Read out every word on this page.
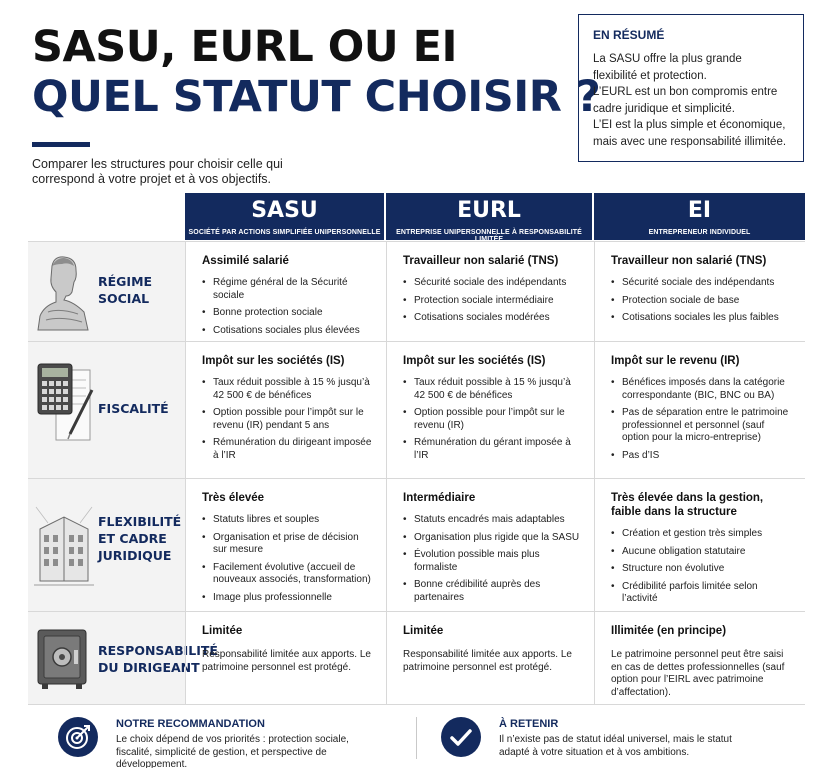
SASU, EURL OU EI
QUEL STATUT CHOISIR ?
Comparer les structures pour choisir celle qui correspond à votre projet et à vos objectifs.
EN RÉSUMÉ

La SASU offre la plus grande flexibilité et protection.

L’EURL est un bon compromis entre cadre juridique et simplicité.

L’EI est la plus simple et économique, mais avec une responsabilité illimitée.

SASU
SOCIÉTÉ PAR ACTIONS SIMPLIFIÉE UNIPERSONNELLE
EURL
ENTREPRISE UNIPERSONNELLE À RESPONSABILITÉ LIMITÉE
EI
ENTREPRENEUR INDIVIDUEL
RÉGIME
SOCIAL
Assimilé salarié
• Régime général de la Sécurité sociale
• Bonne protection sociale
• Cotisations sociales plus élevées
Travailleur non salarié (TNS)
• Sécurité sociale des indépendants
• Protection sociale intermédiaire
• Cotisations sociales modérées
Travailleur non salarié (TNS)
• Sécurité sociale des indépendants
• Protection sociale de base
• Cotisations sociales les plus faibles
FISCALITÉ
Impôt sur les sociétés (IS)
• Taux réduit possible à 15 % jusqu’à 42 500 € de bénéfices
• Option possible pour l’impôt sur le revenu (IR) pendant 5 ans
• Rémunération du dirigeant imposée à l’IR
Impôt sur les sociétés (IS)
• Taux réduit possible à 15 % jusqu’à 42 500 € de bénéfices
• Option possible pour l’impôt sur le revenu (IR)
• Rémunération du gérant imposée à l’IR
Impôt sur le revenu (IR)
• Bénéfices imposés dans la catégorie correspondante (BIC, BNC ou BA)
• Pas de séparation entre le patrimoine professionnel et personnel (sauf option pour la micro-entreprise)
• Pas d’IS
FLEXIBILITÉ
ET CADRE
JURIDIQUE
Très élevée
• Statuts libres et souples
• Organisation et prise de décision sur mesure
• Facilement évolutive (accueil de nouveaux associés, transformation)
• Image plus professionnelle
Intermédiaire
• Statuts encadrés mais adaptables
• Organisation plus rigide que la SASU
• Évolution possible mais plus formaliste
• Bonne crédibilité auprès des partenaires
Très élevée dans la gestion, faible dans la structure
• Création et gestion très simples
• Aucune obligation statutaire
• Structure non évolutive
• Crédibilité parfois limitée selon l’activité
RESPONSABILITÉ
DU DIRIGEANT
Limitée

Responsabilité limitée aux apports. Le patrimoine personnel est protégé.

Limitée

Responsabilité limitée aux apports. Le patrimoine personnel est protégé.

Illimitée (en principe)

Le patrimoine personnel peut être saisi en cas de dettes professionnelles (sauf option pour l’EIRL avec patrimoine d’affectation).

NOTRE RECOMMANDATION
Le choix dépend de vos priorités : protection sociale, fiscalité, simplicité de gestion, et perspective de développement.
À RETENIR
Il n’existe pas de statut idéal universel, mais le statut adapté à votre situation et à vos ambitions.
